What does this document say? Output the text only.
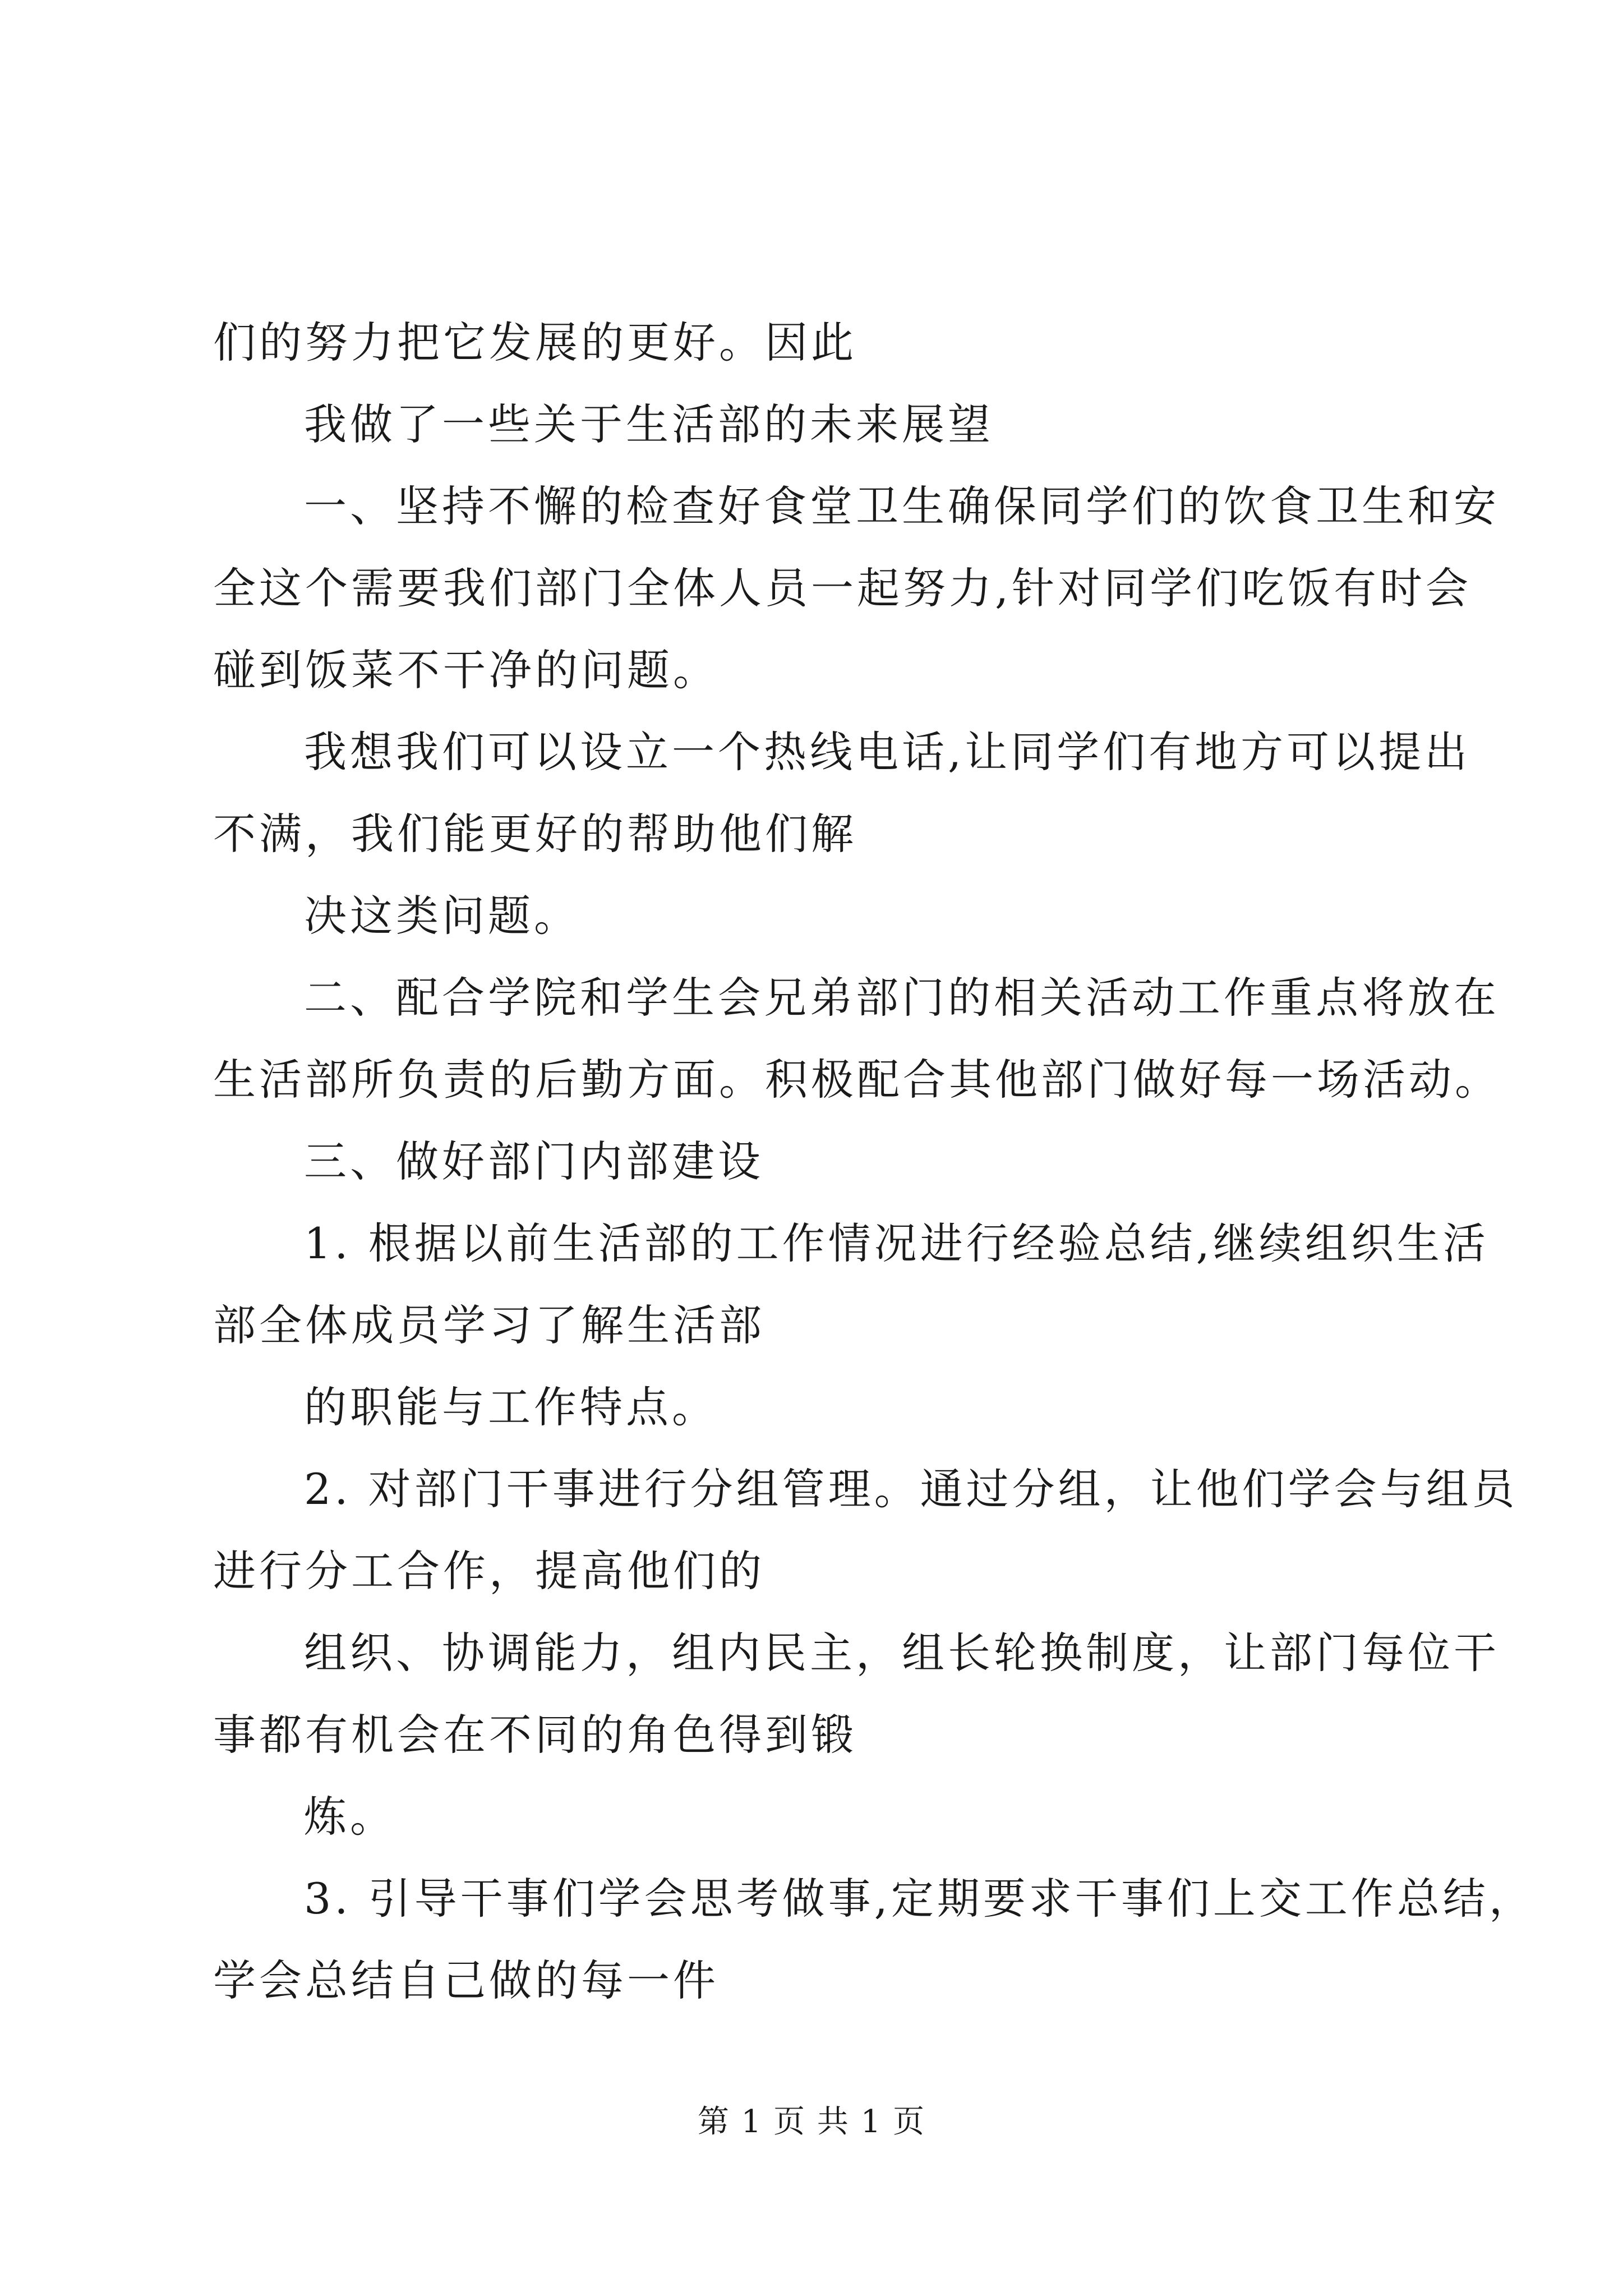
们的努力把它发展的更好。因此
我做了一些关于生活部的未来展望
一、坚持不懈的检查好食堂卫生确保同学们的饮食卫生和安
全这个需要我们部门全体人员一起努力,针对同学们吃饭有时会
碰到饭菜不干净的问题。
我想我们可以设立一个热线电话,让同学们有地方可以提出
不满，我们能更好的帮助他们解
决这类问题。
二、配合学院和学生会兄弟部门的相关活动工作重点将放在
生活部所负责的后勤方面。积极配合其他部门做好每一场活动。
三、做好部门内部建设
1. 根据以前生活部的工作情况进行经验总结,继续组织生活
部全体成员学习了解生活部
的职能与工作特点。
2. 对部门干事进行分组管理。通过分组，让他们学会与组员
进行分工合作，提高他们的
组织、协调能力，组内民主，组长轮换制度，让部门每位干
事都有机会在不同的角色得到锻
炼。
3. 引导干事们学会思考做事,定期要求干事们上交工作总结，
学会总结自己做的每一件
第 1 页 共 1 页
